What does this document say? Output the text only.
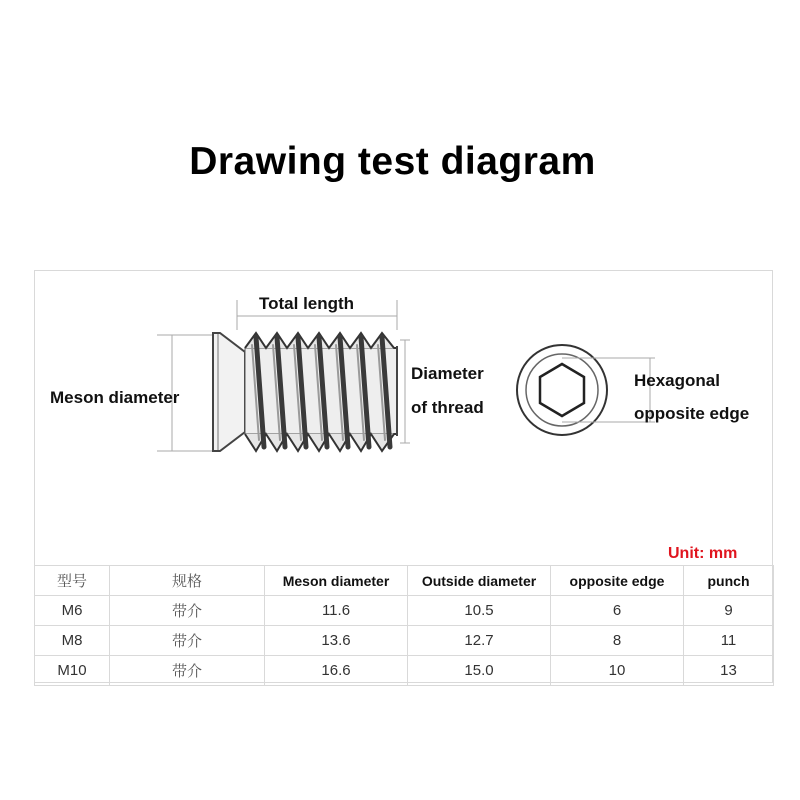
Drawing test diagram
Total length
Meson diameter
Diameter
of thread
Hexagonal
opposite edge
Unit: mm
型号	规格	Meson diameter	Outside diameter	opposite edge	punch
M6	带介	11.6	10.5	6	9
M8	带介	13.6	12.7	8	11
M10	带介	16.6	15.0	10	13
